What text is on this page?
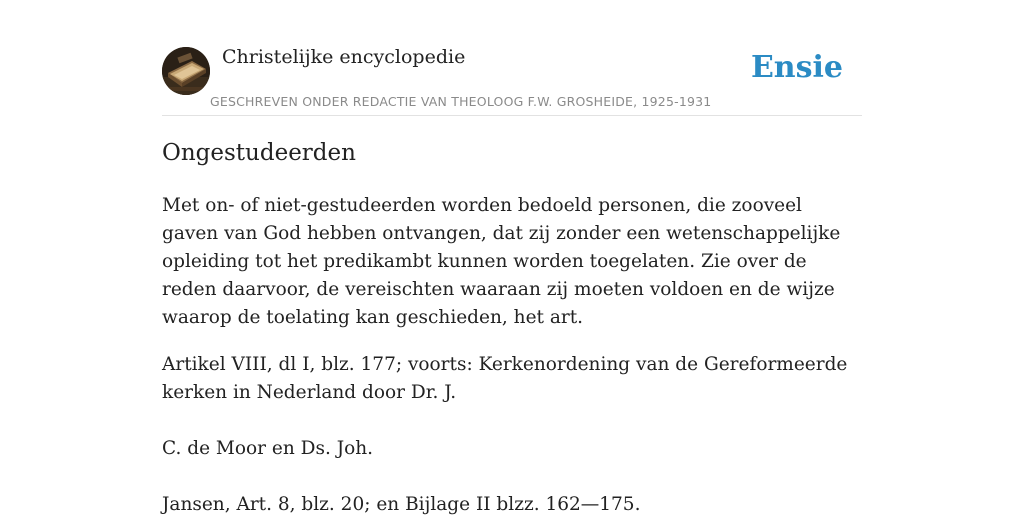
Christelijke encyclopedie
GESCHREVEN ONDER REDACTIE VAN THEOLOOG F.W. GROSHEIDE, 1925-1931
Ensie
Ongestudeerden

Met on- of niet-gestudeerden worden bedoeld personen, die zooveel gaven van God hebben ontvangen, dat zij zonder een wetenschappelijke opleiding tot het predikambt kunnen worden toegelaten. Zie over de reden daarvoor, de vereischten waaraan zij moeten voldoen en de wijze waarop de toelating kan geschieden, het art.

Artikel VIII, dl I, blz. 177; voorts: Kerkenordening van de Gereformeerde kerken in Nederland door Dr. J.

C. de Moor en Ds. Joh.

Jansen, Art. 8, blz. 20; en Bijlage II blzz. 162—175.
